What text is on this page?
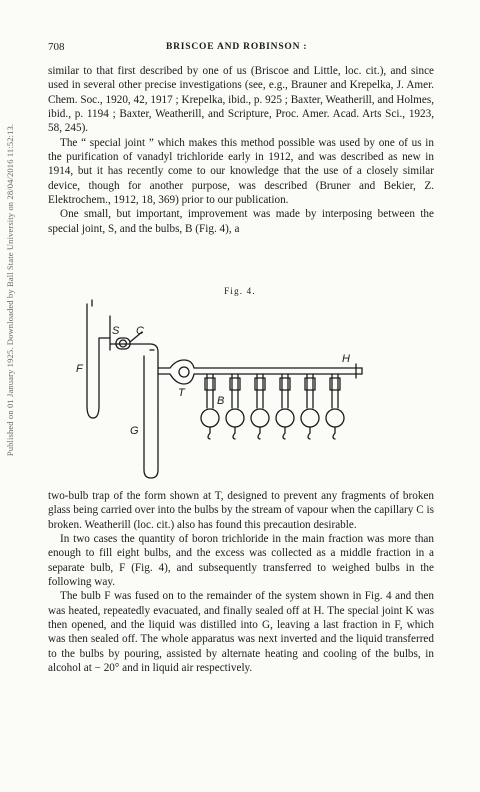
Published on 01 January 1925. Downloaded by Ball State University on 28/04/2016 11:52:13.
708	BRISCOE AND ROBINSON :

similar to that first described by one of us (Briscoe and Little, loc. cit.), and since used in several other precise investigations (see, e.g., Brauner and Krepelka, J. Amer. Chem. Soc., 1920, 42, 1917 ; Krepelka, ibid., p. 925 ; Baxter, Weatherill, and Holmes, ibid., p. 1194 ; Baxter, Weatherill, and Scripture, Proc. Amer. Acad. Arts Sci., 1923, 58, 245).

The “ special joint ” which makes this method possible was used by one of us in the purification of vanadyl trichloride early in 1912, and was described as new in 1914, but it has recently come to our knowledge that the use of a closely similar device, though for another purpose, was described (Bruner and Bekier, Z. Elektrochem., 1912, 18, 369) prior to our publication.

One small, but important, improvement was made by interposing between the special joint, S, and the bulbs, B (Fig. 4), a

Fig. 4.
S C
F
T
H
B
G

two-bulb trap of the form shown at T, designed to prevent any fragments of broken glass being carried over into the bulbs by the stream of vapour when the capillary C is broken. Weatherill (loc. cit.) also has found this precaution desirable.

In two cases the quantity of boron trichloride in the main fraction was more than enough to fill eight bulbs, and the excess was collected as a middle fraction in a separate bulb, F (Fig. 4), and subsequently transferred to weighed bulbs in the following way.

The bulb F was fused on to the remainder of the system shown in Fig. 4 and then was heated, repeatedly evacuated, and finally sealed off at H. The special joint K was then opened, and the liquid was distilled into G, leaving a last fraction in F, which was then sealed off. The whole apparatus was next inverted and the liquid transferred to the bulbs by pouring, assisted by alternate heating and cooling of the bulbs, in alcohol at − 20° and in liquid air respectively.
